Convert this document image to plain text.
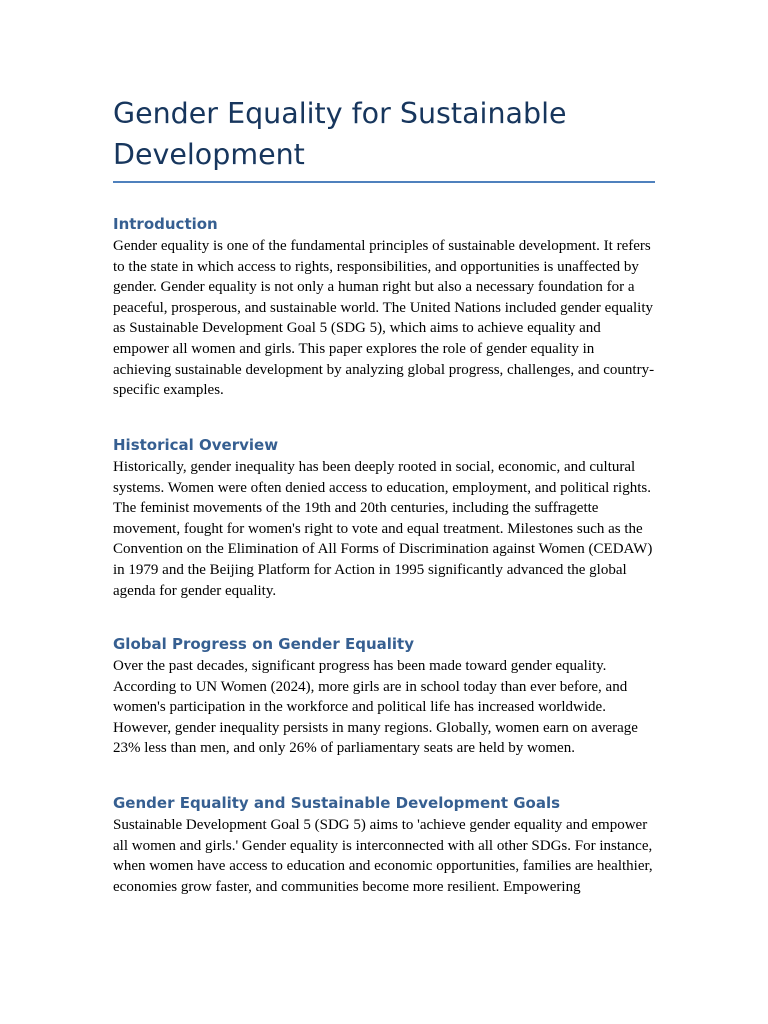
Gender Equality for Sustainable Development
Introduction

Gender equality is one of the fundamental principles of sustainable development. It refers to the state in which access to rights, responsibilities, and opportunities is unaffected by gender. Gender equality is not only a human right but also a necessary foundation for a peaceful, prosperous, and sustainable world. The United Nations included gender equality as Sustainable Development Goal 5 (SDG 5), which aims to achieve equality and empower all women and girls. This paper explores the role of gender equality in achieving sustainable development by analyzing global progress, challenges, and country-specific examples.

Historical Overview

Historically, gender inequality has been deeply rooted in social, economic, and cultural systems. Women were often denied access to education, employment, and political rights. The feminist movements of the 19th and 20th centuries, including the suffragette movement, fought for women's right to vote and equal treatment. Milestones such as the Convention on the Elimination of All Forms of Discrimination against Women (CEDAW) in 1979 and the Beijing Platform for Action in 1995 significantly advanced the global agenda for gender equality.

Global Progress on Gender Equality

Over the past decades, significant progress has been made toward gender equality. According to UN Women (2024), more girls are in school today than ever before, and women's participation in the workforce and political life has increased worldwide. However, gender inequality persists in many regions. Globally, women earn on average 23% less than men, and only 26% of parliamentary seats are held by women.

Gender Equality and Sustainable Development Goals

Sustainable Development Goal 5 (SDG 5) aims to 'achieve gender equality and empower all women and girls.' Gender equality is interconnected with all other SDGs. For instance, when women have access to education and economic opportunities, families are healthier, economies grow faster, and communities become more resilient. Empowering
